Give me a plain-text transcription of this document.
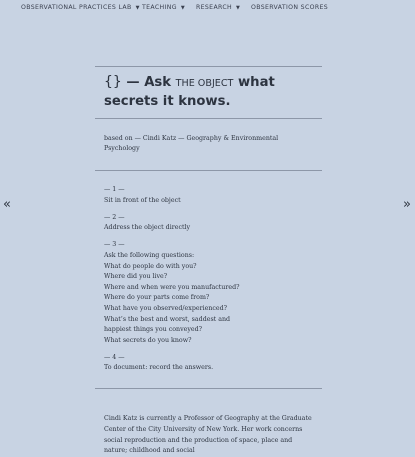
OBSERVATIONAL PRACTICES LAB ▼ TEACHING ▼ RESEARCH ▼ OBSERVATION SCORES
«	»
{} — Ask THE OBJECT what secrets it knows.
based on — Cindi Katz — Geography & Environmental Psychology
— 1 —
Sit in front of the object
— 2 —
Address the object directly
— 3 —
Ask the following questions:
What do people do with you?
Where did you live?
Where and when were you manufactured?
Where do your parts come from?
What have you observed/experienced?
What’s the best and worst, saddest and
happiest things you conveyed?
What secrets do you know?
— 4 —
To document: record the answers.

Cindi Katz is currently a Professor of Geography at the Graduate Center of the City University of New York. Her work concerns social reproduction and the production of space, place and nature; childhood and social
